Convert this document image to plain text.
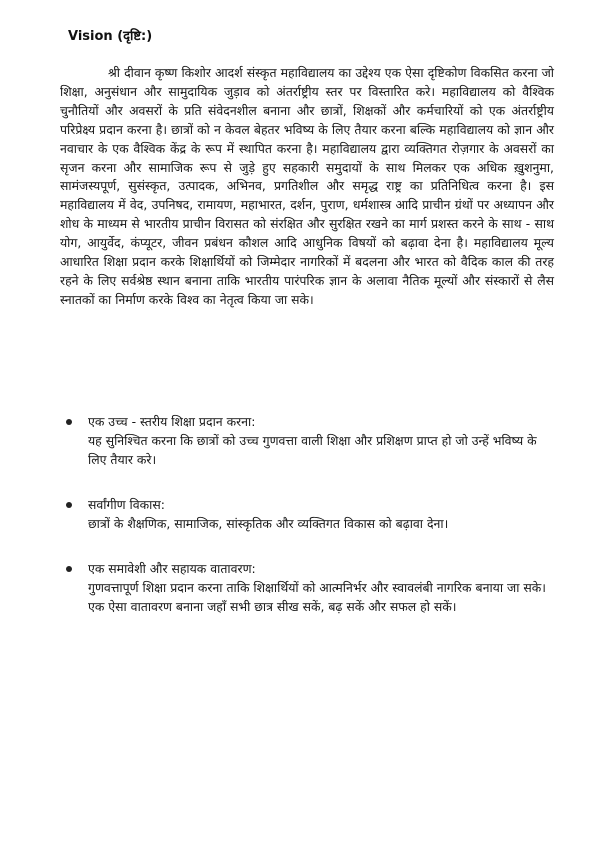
Vision (दृष्टि:)

श्री दीवान कृष्ण किशोर आदर्श संस्कृत महाविद्यालय का उद्देश्य एक ऐसा दृष्टिकोण विकसित करना जो शिक्षा, अनुसंधान और सामुदायिक जुड़ाव को अंतर्राष्ट्रीय स्तर पर विस्तारित करे। महाविद्यालय को वैश्विक चुनौतियों और अवसरों के प्रति संवेदनशील बनाना और छात्रों, शिक्षकों और कर्मचारियों को एक अंतर्राष्ट्रीय परिप्रेक्ष्य प्रदान करना है। छात्रों को न केवल बेहतर भविष्य के लिए तैयार करना बल्कि महाविद्यालय को ज्ञान और नवाचार के एक वैश्विक केंद्र के रूप में स्थापित करना है। महाविद्यालय द्वारा व्यक्तिगत रोज़गार के अवसरों का सृजन करना और सामाजिक रूप से जुड़े हुए सहकारी समुदायों के साथ मिलकर एक अधिक ख़ुशनुमा, सामंजस्यपूर्ण, सुसंस्कृत, उत्पादक, अभिनव, प्रगतिशील और समृद्ध राष्ट्र का प्रतिनिधित्व करना है। इस महाविद्यालय में वेद, उपनिषद, रामायण, महाभारत, दर्शन, पुराण, धर्मशास्त्र आदि प्राचीन ग्रंथों पर अध्यापन और शोध के माध्यम से भारतीय प्राचीन विरासत को संरक्षित और सुरक्षित रखने का मार्ग प्रशस्त करने के साथ - साथ योग, आयुर्वेद, कंप्यूटर, जीवन प्रबंधन कौशल आदि आधुनिक विषयों को बढ़ावा देना है। महाविद्यालय मूल्य आधारित शिक्षा प्रदान करके शिक्षार्थियों को जिम्मेदार नागरिकों में बदलना और भारत को वैदिक काल की तरह रहने के लिए सर्वश्रेष्ठ स्थान बनाना ताकि भारतीय पारंपरिक ज्ञान के अलावा नैतिक मूल्यों और संस्कारों से लैस स्नातकों का निर्माण करके विश्व का नेतृत्व किया जा सके।

एक उच्च - स्तरीय शिक्षा प्रदान करना:
यह सुनिश्चित करना कि छात्रों को उच्च गुणवत्ता वाली शिक्षा और प्रशिक्षण प्राप्त हो जो उन्हें भविष्य के लिए तैयार करे।
सर्वांगीण विकास:
छात्रों के शैक्षणिक, सामाजिक, सांस्कृतिक और व्यक्तिगत विकास को बढ़ावा देना।
एक समावेशी और सहायक वातावरण:
गुणवत्तापूर्ण शिक्षा प्रदान करना ताकि शिक्षार्थियों को आत्मनिर्भर और स्वावलंबी नागरिक बनाया जा सके। एक ऐसा वातावरण बनाना जहाँ सभी छात्र सीख सकें, बढ़ सकें और सफल हो सकें।
